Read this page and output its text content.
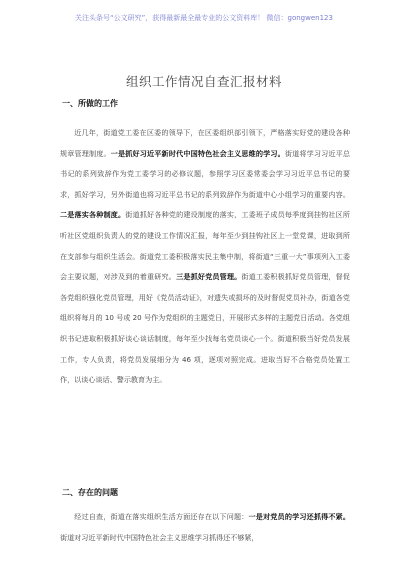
关注头条号“公文研究”，获得最新最全最专业的公文资料库！ 微信：gongwen123
组织工作情况自查汇报材料
一、所做的工作

近几年，街道党工委在区委的领导下，在区委组织部引领下，严格落实好党的建设各种规章管理制度。一是抓好习近平新时代中国特色社会主义思维的学习。街道将学习习近平总书记的系列致辞作为党工委学习的必修议题，参照学习区委常委会学习习近平总书记的要求，抓好学习，另外街道也将习近平总书记的系列致辞作为街道中心小组学习的重要内容。二是落实各种制度。街道抓好各种党的建设制度的落实，工委班子成员每季度到挂钩社区所听社区党组织负责人的党的建设工作情况汇报，每年至少到挂钩社区上一堂党课，进取到所在支部参与组织生活会。街道党工委积极落实民主集中制，将街道“三重一大”事项列入工委会主要议题，对涉及到的着重研究。三是抓好党员管理。街道工委积极抓好党员管理，督促各党组织强化党员管理，用好《党员活动证》，对遗失或损坏的及时督促党员补办，街道各党组织将每月的 10 号或 20 号作为党组织的主题党日，开展形式多样的主题党日活动。各党组织书记进取积极抓好谈心谈话制度，每年至少找每名党员谈心一个。街道积极当好党员发展工作，专人负责，将党员发展细分为 46 项，逐项对照完成。进取当好不合格党员处置工作，以谈心谈话、警示教育为主。

二、存在的问题

经过自查，街道在落实组织生活方面还存在以下问题：一是对党员的学习还抓得不紧。街道对习近平新时代中国特色社会主义思维学习抓得还不够紧，
